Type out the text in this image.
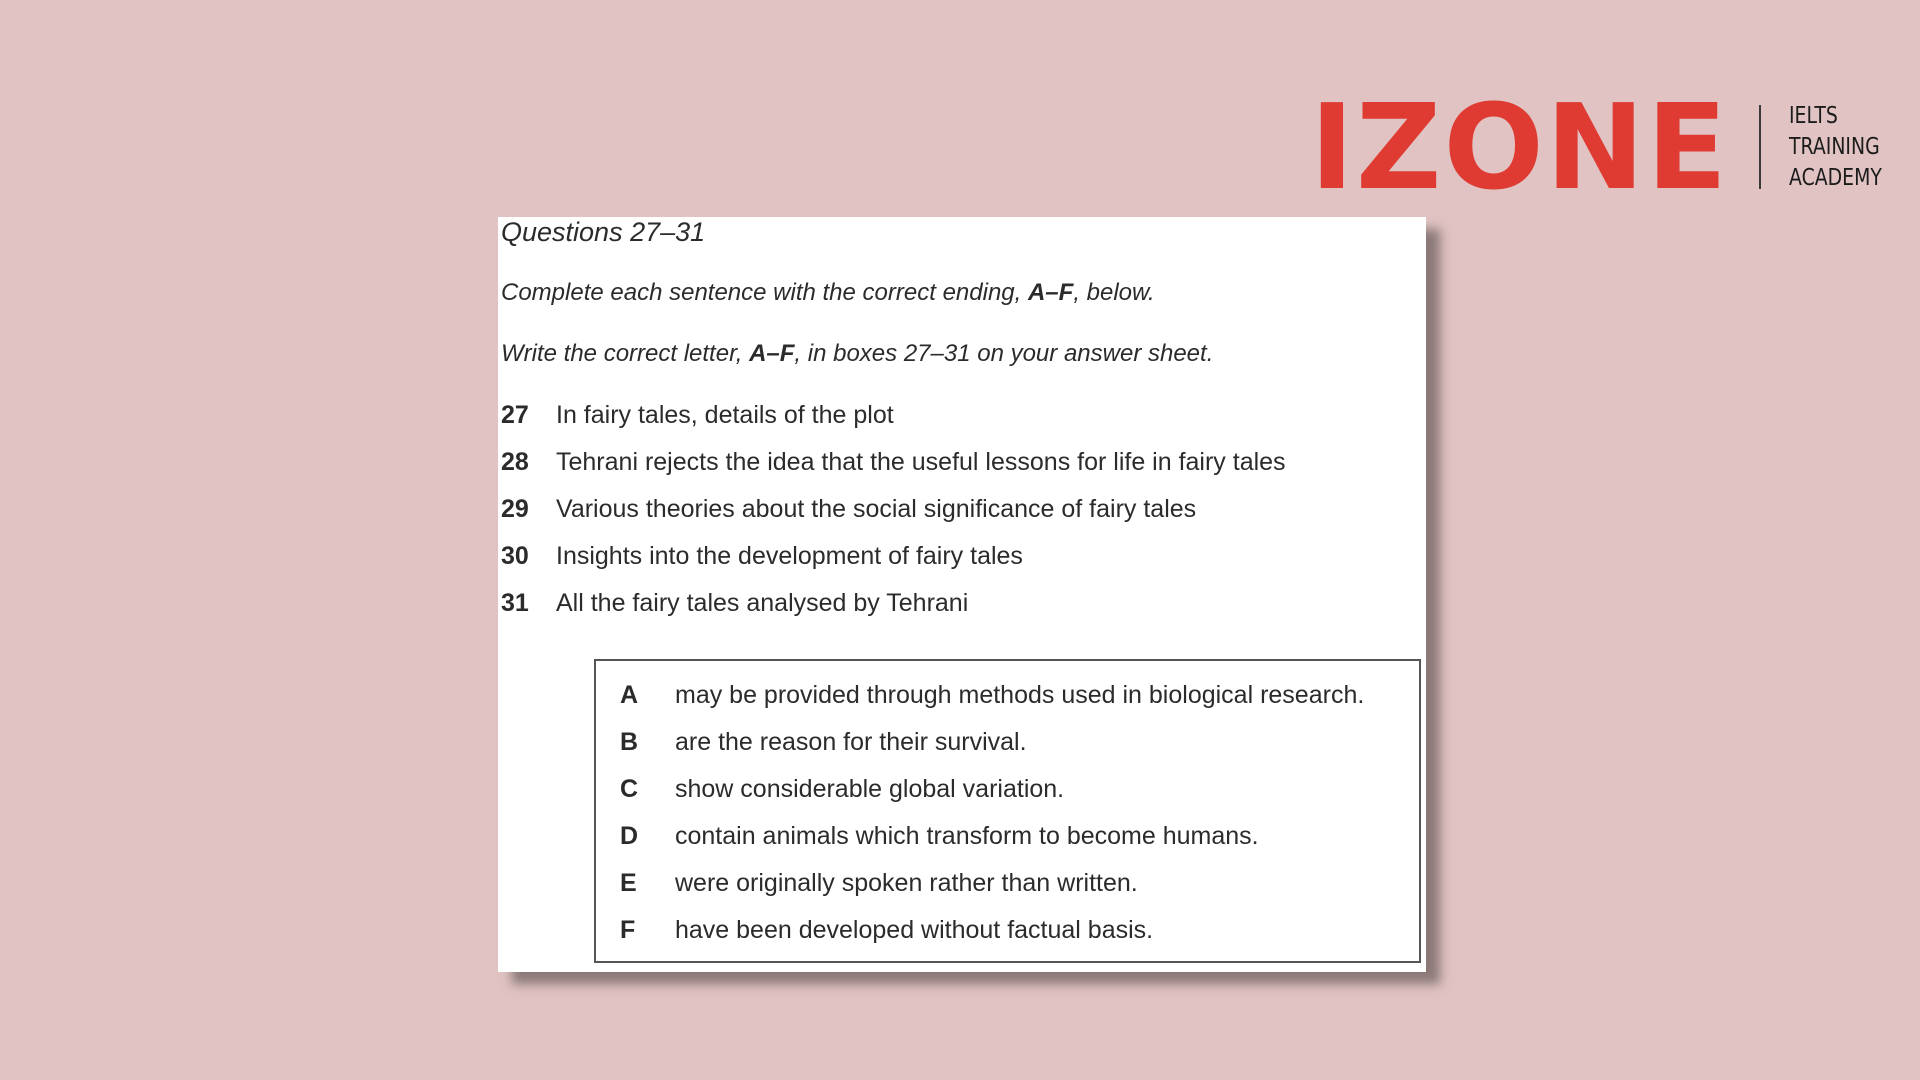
IZONE	IELTS
TRAINING
ACADEMY
Questions 27–31
Complete each sentence with the correct ending, A–F, below.
Write the correct letter, A–F, in boxes 27–31 on your answer sheet.
27	In fairy tales, details of the plot
28	Tehrani rejects the idea that the useful lessons for life in fairy tales
29	Various theories about the social significance of fairy tales
30	Insights into the development of fairy tales
31	All the fairy tales analysed by Tehrani
A	may be provided through methods used in biological research.
B	are the reason for their survival.
C	show considerable global variation.
D	contain animals which transform to become humans.
E	were originally spoken rather than written.
F	have been developed without factual basis.
